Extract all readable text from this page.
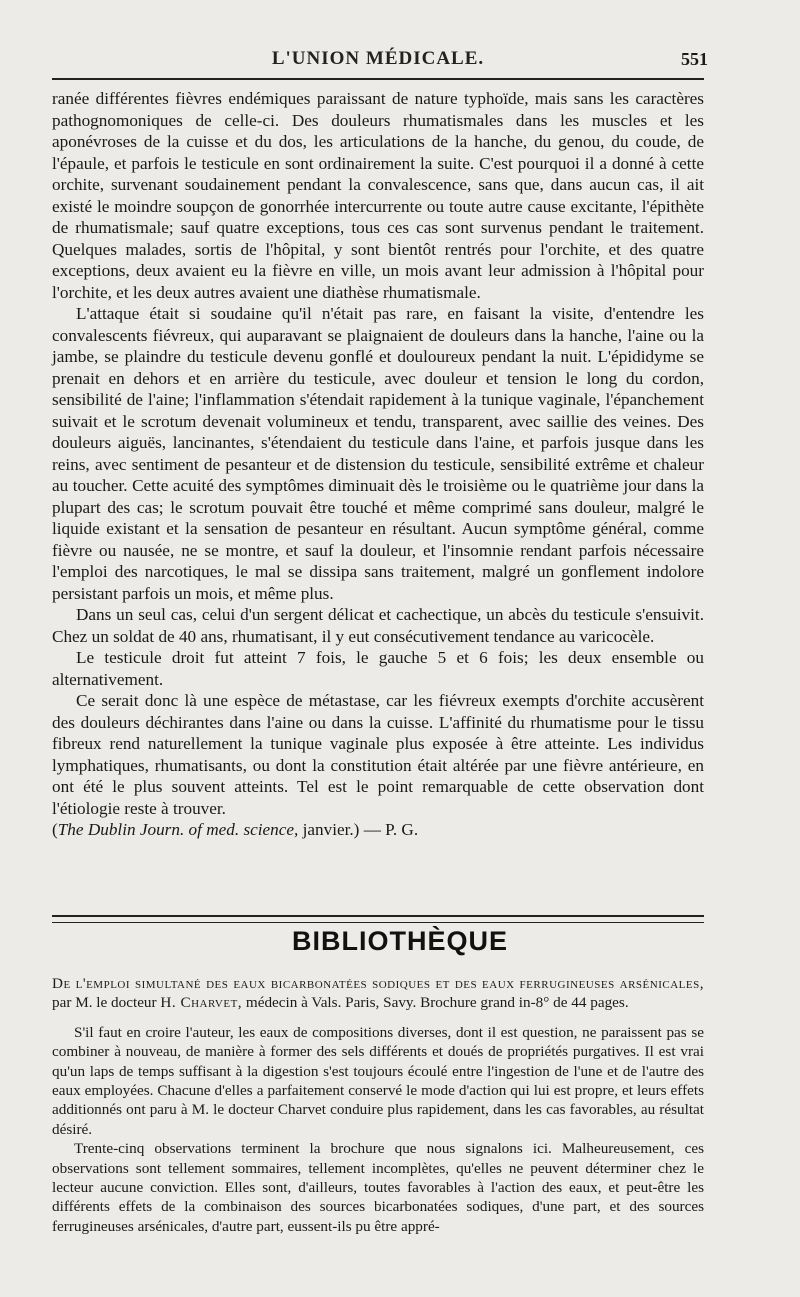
L'UNION MÉDICALE.	551

ranée différentes fièvres endémiques paraissant de nature typhoïde, mais sans les caractères pathognomoniques de celle-ci. Des douleurs rhumatismales dans les muscles et les aponévroses de la cuisse et du dos, les articulations de la hanche, du genou, du coude, de l'épaule, et parfois le testicule en sont ordinairement la suite. C'est pourquoi il a donné à cette orchite, survenant soudainement pendant la convalescence, sans que, dans aucun cas, il ait existé le moindre soupçon de gonorrhée intercurrente ou toute autre cause excitante, l'épithète de rhumatismale; sauf quatre exceptions, tous ces cas sont survenus pendant le traitement. Quelques malades, sortis de l'hôpital, y sont bientôt rentrés pour l'orchite, et des quatre exceptions, deux avaient eu la fièvre en ville, un mois avant leur admission à l'hôpital pour l'orchite, et les deux autres avaient une diathèse rhumatismale.

L'attaque était si soudaine qu'il n'était pas rare, en faisant la visite, d'entendre les convalescents fiévreux, qui auparavant se plaignaient de douleurs dans la hanche, l'aine ou la jambe, se plaindre du testicule devenu gonflé et douloureux pendant la nuit. L'épididyme se prenait en dehors et en arrière du testicule, avec douleur et tension le long du cordon, sensibilité de l'aine; l'inflammation s'étendait rapidement à la tunique vaginale, l'épanchement suivait et le scrotum devenait volumineux et tendu, transparent, avec saillie des veines. Des douleurs aiguës, lancinantes, s'étendaient du testicule dans l'aine, et parfois jusque dans les reins, avec sentiment de pesanteur et de distension du testicule, sensibilité extrême et chaleur au toucher. Cette acuité des symptômes diminuait dès le troisième ou le quatrième jour dans la plupart des cas; le scrotum pouvait être touché et même comprimé sans douleur, malgré le liquide existant et la sensation de pesanteur en résultant. Aucun symptôme général, comme fièvre ou nausée, ne se montre, et sauf la douleur, et l'insomnie rendant parfois nécessaire l'emploi des narcotiques, le mal se dissipa sans traitement, malgré un gonflement indolore persistant parfois un mois, et même plus.

Dans un seul cas, celui d'un sergent délicat et cachectique, un abcès du testicule s'ensuivit. Chez un soldat de 40 ans, rhumatisant, il y eut consécutivement tendance au varicocèle.

Le testicule droit fut atteint 7 fois, le gauche 5 et 6 fois; les deux ensemble ou alternativement.

Ce serait donc là une espèce de métastase, car les fiévreux exempts d'orchite accusèrent des douleurs déchirantes dans l'aine ou dans la cuisse. L'affinité du rhumatisme pour le tissu fibreux rend naturellement la tunique vaginale plus exposée à être atteinte. Les individus lymphatiques, rhumatisants, ou dont la constitution était altérée par une fièvre antérieure, en ont été le plus souvent atteints. Tel est le point remarquable de cette observation dont l'étiologie reste à trouver.

(The Dublin Journ. of med. science, janvier.) — P. G.

BIBLIOTHÈQUE

De l'emploi simultané des eaux bicarbonatées sodiques et des eaux ferrugineuses arsénicales, par M. le docteur H. Charvet, médecin à Vals. Paris, Savy. Brochure grand in-8° de 44 pages.

S'il faut en croire l'auteur, les eaux de compositions diverses, dont il est question, ne paraissent pas se combiner à nouveau, de manière à former des sels différents et doués de propriétés purgatives. Il est vrai qu'un laps de temps suffisant à la digestion s'est toujours écoulé entre l'ingestion de l'une et de l'autre des eaux employées. Chacune d'elles a parfaitement conservé le mode d'action qui lui est propre, et leurs effets additionnés ont paru à M. le docteur Charvet conduire plus rapidement, dans les cas favorables, au résultat désiré.

Trente-cinq observations terminent la brochure que nous signalons ici. Malheureusement, ces observations sont tellement sommaires, tellement incomplètes, qu'elles ne peuvent déterminer chez le lecteur aucune conviction. Elles sont, d'ailleurs, toutes favorables à l'action des eaux, et peut-être les différents effets de la combinaison des sources bicarbonatées sodiques, d'une part, et des sources ferrugineuses arsénicales, d'autre part, eussent-ils pu être appré-
